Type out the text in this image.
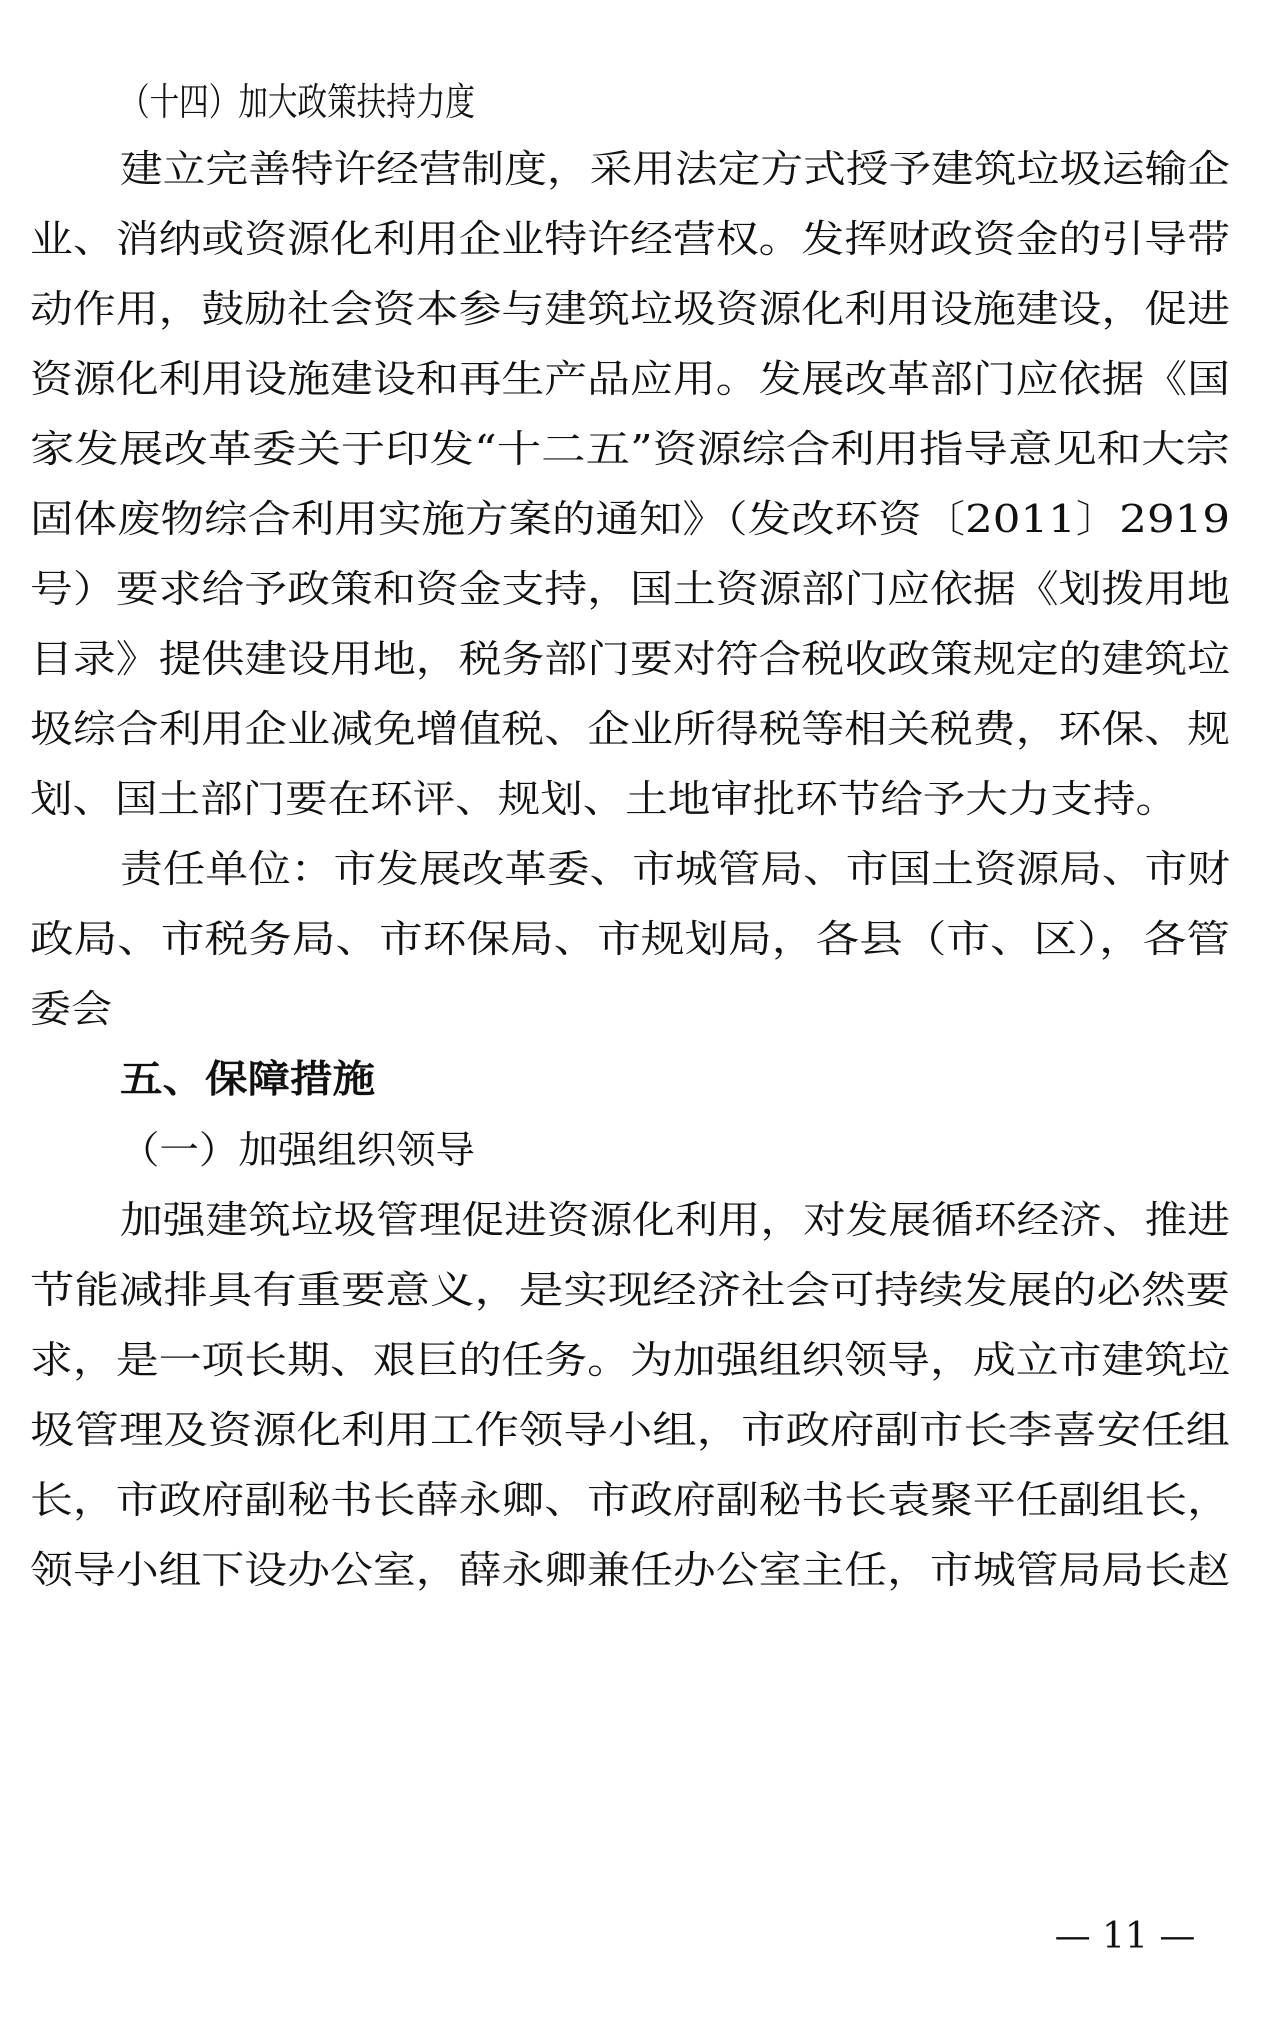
（十四）加大政策扶持力度
建立完善特许经营制度，采用法定方式授予建筑垃圾运输企
业、消纳或资源化利用企业特许经营权。发挥财政资金的引导带
动作用，鼓励社会资本参与建筑垃圾资源化利用设施建设，促进
资源化利用设施建设和再生产品应用。发展改革部门应依据《国
家发展改革委关于印发“十二五”资源综合利用指导意见和大宗
固体废物综合利用实施方案的通知》（发改环资〔2011〕2919
号）要求给予政策和资金支持，国土资源部门应依据《划拨用地
目录》提供建设用地，税务部门要对符合税收政策规定的建筑垃
圾综合利用企业减免增值税、企业所得税等相关税费，环保、规
划、国土部门要在环评、规划、土地审批环节给予大力支持。
责任单位：市发展改革委、市城管局、市国土资源局、市财
政局、市税务局、市环保局、市规划局，各县（市、区），各管
委会
五、保障措施
（一）加强组织领导
加强建筑垃圾管理促进资源化利用，对发展循环经济、推进
节能减排具有重要意义，是实现经济社会可持续发展的必然要
求，是一项长期、艰巨的任务。为加强组织领导，成立市建筑垃
圾管理及资源化利用工作领导小组，市政府副市长李喜安任组
长，市政府副秘书长薛永卿、市政府副秘书长袁聚平任副组长，
领导小组下设办公室，薛永卿兼任办公室主任，市城管局局长赵
— 11 —
